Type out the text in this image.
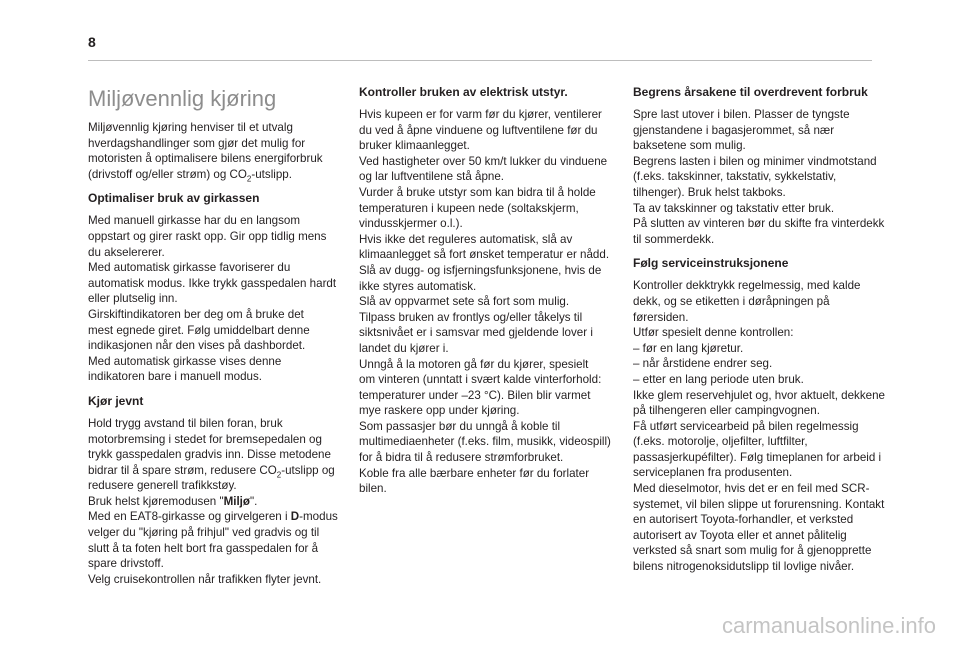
8
Miljøvennlig kjøring
Miljøvennlig kjøring henviser til et utvalg
hverdagshandlinger som gjør det mulig for
motoristen å optimalisere bilens energiforbruk
(drivstoff og/eller strøm) og $CO_2$-utslipp.
Optimaliser bruk av girkassen
Med manuell girkasse har du en langsom
oppstart og girer raskt opp. Gir opp tidlig mens
du akselererer.
Med automatisk girkasse favoriserer du
automatisk modus. Ikke trykk gasspedalen hardt
eller plutselig inn.
Girskiftindikatoren ber deg om å bruke det
mest egnede giret. Følg umiddelbart denne
indikasjonen når den vises på dashbordet.
Med automatisk girkasse vises denne
indikatoren bare i manuell modus.
Kjør jevnt
Hold trygg avstand til bilen foran, bruk
motorbremsing i stedet for bremsepedalen og
trykk gasspedalen gradvis inn. Disse metodene
bidrar til å spare strøm, redusere $CO_2$-utslipp og
redusere generell trafikkstøy.
Bruk helst kjøremodusen "Miljø".
Med en EAT8-girkasse og girvelgeren i D-modus
velger du "kjøring på frihjul" ved gradvis og til
slutt å ta foten helt bort fra gasspedalen for å
spare drivstoff.
Velg cruisekontrollen når trafikken flyter jevnt.
Kontroller bruken av elektrisk utstyr.
Hvis kupeen er for varm før du kjører, ventilerer
du ved å åpne vinduene og luftventilene før du
bruker klimaanlegget.
Ved hastigheter over 50 km/t lukker du vinduene
og lar luftventilene stå åpne.
Vurder å bruke utstyr som kan bidra til å holde
temperaturen i kupeen nede (soltakskjerm,
vindusskjermer o.l.).
Hvis ikke det reguleres automatisk, slå av
klimaanlegget så fort ønsket temperatur er nådd.
Slå av dugg- og isfjerningsfunksjonene, hvis de
ikke styres automatisk.
Slå av oppvarmet sete så fort som mulig.
Tilpass bruken av frontlys og/eller tåkelys til
siktsnivået er i samsvar med gjeldende lover i
landet du kjører i.
Unngå å la motoren gå før du kjører, spesielt
om vinteren (unntatt i svært kalde vinterforhold:
temperaturer under –23 °C). Bilen blir varmet
mye raskere opp under kjøring.
Som passasjer bør du unngå å koble til
multimediaenheter (f.eks. film, musikk, videospill)
for å bidra til å redusere strømforbruket.
Koble fra alle bærbare enheter før du forlater
bilen.
Begrens årsakene til overdrevent forbruk
Spre last utover i bilen. Plasser de tyngste
gjenstandene i bagasjerommet, så nær
baksetene som mulig.
Begrens lasten i bilen og minimer vindmotstand
(f.eks. takskinner, takstativ, sykkelstativ,
tilhenger). Bruk helst takboks.
Ta av takskinner og takstativ etter bruk.
På slutten av vinteren bør du skifte fra vinterdekk
til sommerdekk.
Følg serviceinstruksjonene
Kontroller dekktrykk regelmessig, med kalde
dekk, og se etiketten i døråpningen på
førersiden.
Utfør spesielt denne kontrollen:
– før en lang kjøretur.
– når årstidene endrer seg.
– etter en lang periode uten bruk.
Ikke glem reservehjulet og, hvor aktuelt, dekkene
på tilhengeren eller campingvognen.
Få utført servicearbeid på bilen regelmessig
(f.eks. motorolje, oljefilter, luftfilter,
passasjerkupéfilter). Følg timeplanen for arbeid i
serviceplanen fra produsenten.
Med dieselmotor, hvis det er en feil med SCR-
systemet, vil bilen slippe ut forurensning. Kontakt
en autorisert Toyota-forhandler, et verksted
autorisert av Toyota eller et annet pålitelig
verksted så snart som mulig for å gjenopprette
bilens nitrogenoksidutslipp til lovlige nivåer.
carmanualsonline.info
